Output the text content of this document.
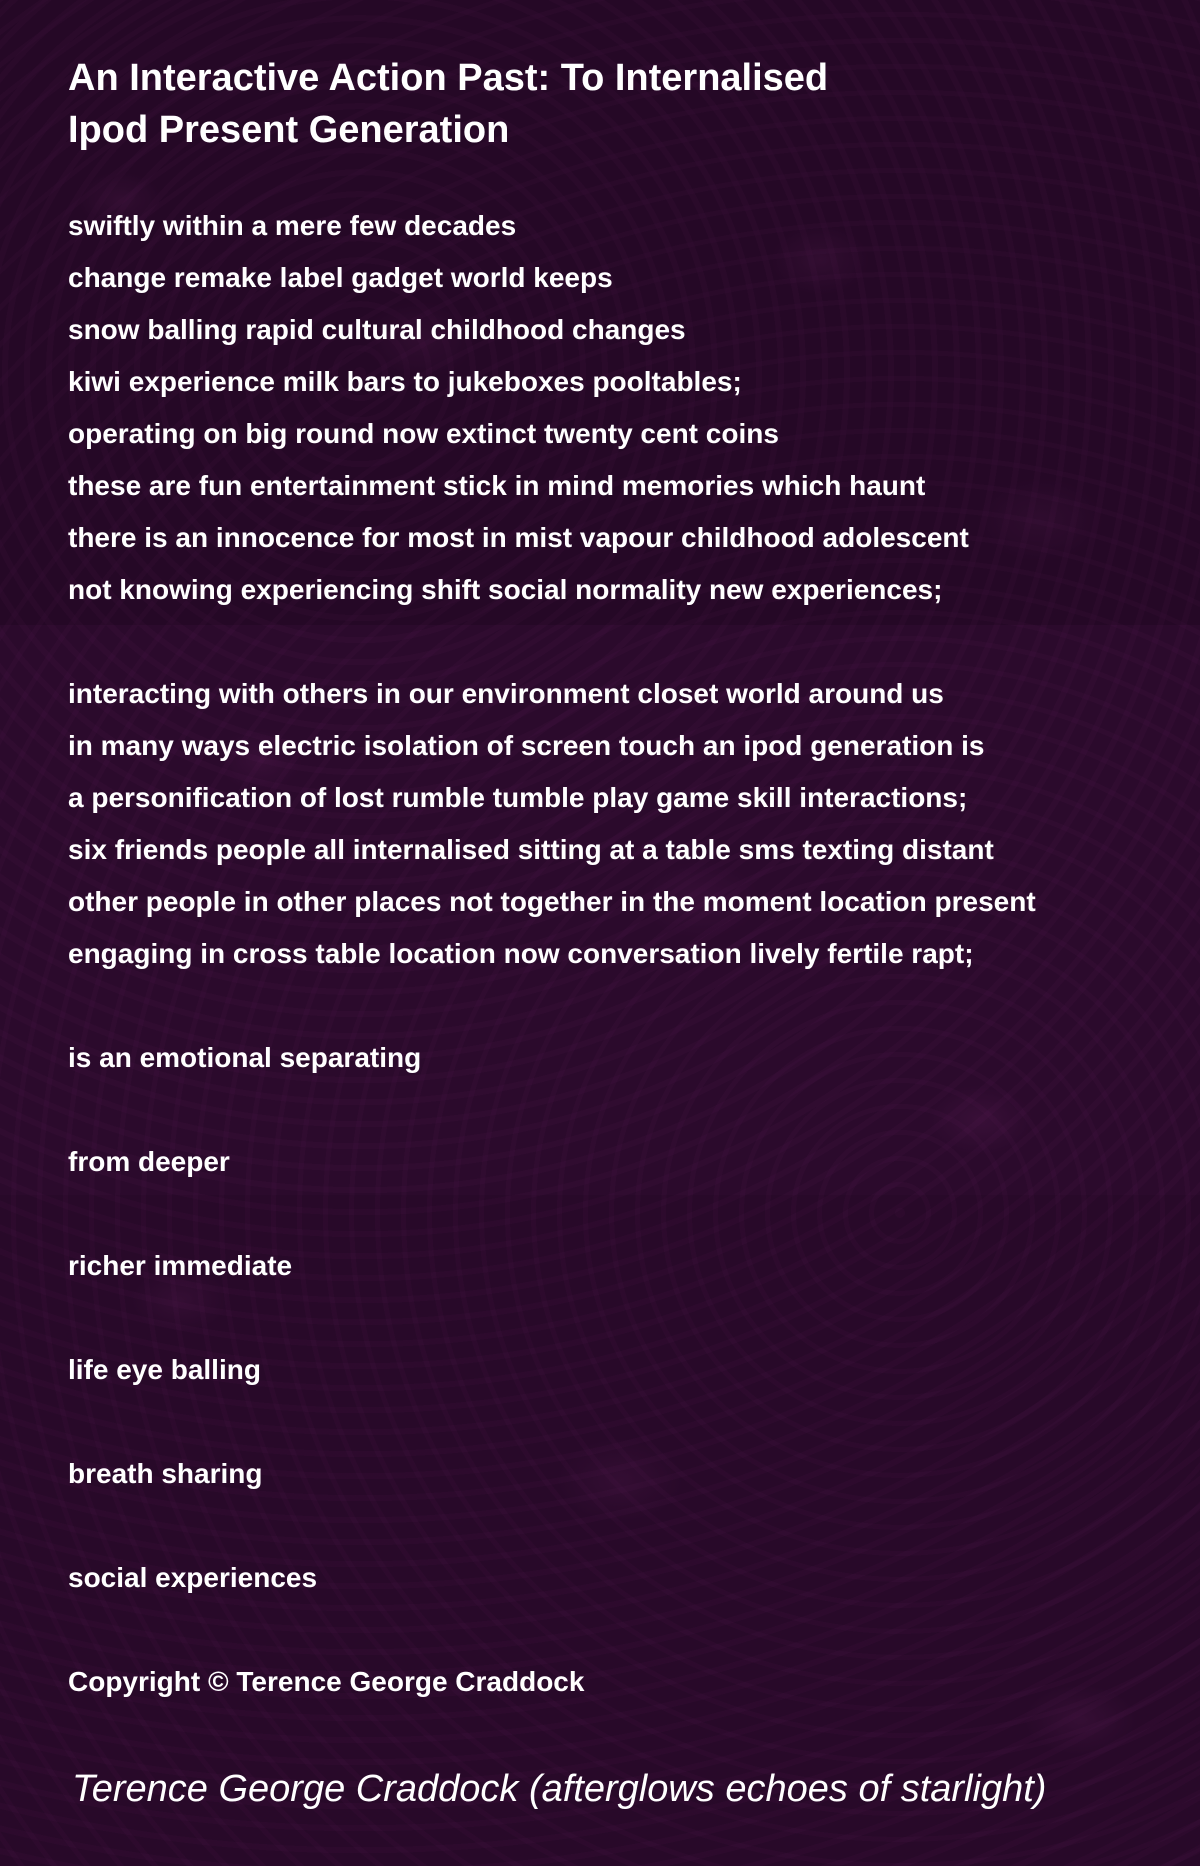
An Interactive Action Past: To Internalised
Ipod Present Generation
swiftly within a mere few decades
change remake label gadget world keeps
snow balling rapid cultural childhood changes
kiwi experience milk bars to jukeboxes pooltables;
operating on big round now extinct twenty cent coins
these are fun entertainment stick in mind memories which haunt
there is an innocence for most in mist vapour childhood adolescent
not knowing experiencing shift social normality new experiences;
interacting with others in our environment closet world around us
in many ways electric isolation of screen touch an ipod generation is
a personification of lost rumble tumble play game skill interactions;
six friends people all internalised sitting at a table sms texting distant
other people in other places not together in the moment location present
engaging in cross table location now conversation lively fertile rapt;
is an emotional separating
from deeper
richer immediate
life eye balling
breath sharing
social experiences
Copyright © Terence George Craddock
Terence George Craddock (afterglows echoes of starlight)
